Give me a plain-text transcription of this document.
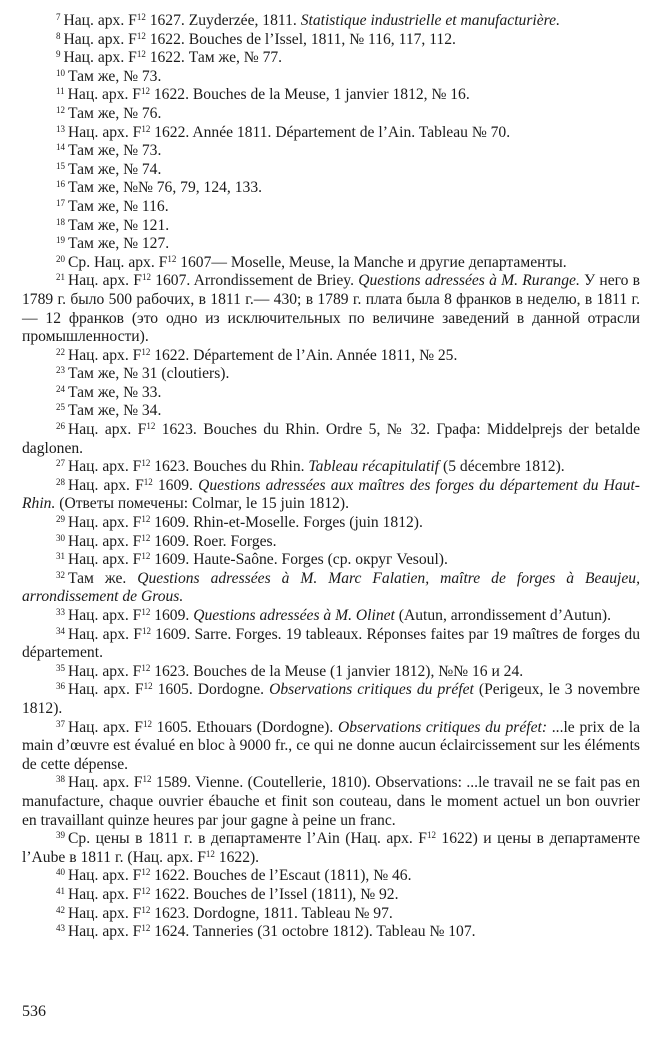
$^7$ Нац. арх. $F^{12}$ 1627. Zuyderzée, 1811. Statistique industrielle et manufacturière.

$^8$ Нац. арх. $F^{12}$ 1622. Bouches de l’Issel, 1811, № 116, 117, 112.

$^9$ Нац. арх. $F^{12}$ 1622. Там же, № 77.

$^{10}$ Там же, № 73.

$^{11}$ Нац. арх. $F^{12}$ 1622. Bouches de la Meuse, 1 janvier 1812, № 16.

$^{12}$ Там же, № 76.

$^{13}$ Нац. арх. $F^{12}$ 1622. Année 1811. Département de l’Ain. Tableau № 70.

$^{14}$ Там же, № 73.

$^{15}$ Там же, № 74.

$^{16}$ Там же, №№ 76, 79, 124, 133.

$^{17}$ Там же, № 116.

$^{18}$ Там же, № 121.

$^{19}$ Там же, № 127.

$^{20}$ Ср. Нац. арх. $F^{12}$ 1607— Moselle, Meuse, la Manche и другие департаменты.

$^{21}$ Нац. арх. $F^{12}$ 1607. Arrondissement de Briey. Questions adressées à M. Rurange. У него в 1789 г. было 500 рабочих, в 1811 г.— 430; в 1789 г. плата была 8 франков в неделю, в 1811 г.— 12 франков (это одно из исключительных по величине заведений в данной отрасли промышленности).

$^{22}$ Нац. арх. $F^{12}$ 1622. Département de l’Ain. Année 1811, № 25.

$^{23}$ Там же, № 31 (cloutiers).

$^{24}$ Там же, № 33.

$^{25}$ Там же, № 34.

$^{26}$ Нац. арх. $F^{12}$ 1623. Bouches du Rhin. Ordre 5, № 32. Графа: Middelprejs der betalde daglonen.

$^{27}$ Нац. арх. $F^{12}$ 1623. Bouches du Rhin. Tableau récapitulatif (5 décembre 1812).

$^{28}$ Нац. арх. $F^{12}$ 1609. Questions adressées aux maîtres des forges du département du Haut-Rhin. (Ответы помечены: Colmar, le 15 juin 1812).

$^{29}$ Нац. арх. $F^{12}$ 1609. Rhin-et-Moselle. Forges (juin 1812).

$^{30}$ Нац. арх. $F^{12}$ 1609. Roer. Forges.

$^{31}$ Нац. арх. $F^{12}$ 1609. Haute-Saône. Forges (ср. округ Vesoul).

$^{32}$ Там же. Questions adressées à M. Marc Falatien, maître de forges à Beaujeu, arrondissement de Grous.

$^{33}$ Нац. арх. $F^{12}$ 1609. Questions adressées à M. Olinet (Autun, arrondissement d’Autun).

$^{34}$ Нац. арх. $F^{12}$ 1609. Sarre. Forges. 19 tableaux. Réponses faites par 19 maîtres de forges du département.

$^{35}$ Нац. арх. $F^{12}$ 1623. Bouches de la Meuse (1 janvier 1812), №№ 16 и 24.

$^{36}$ Нац. арх. $F^{12}$ 1605. Dordogne. Observations critiques du préfet (Perigeux, le 3 novembre 1812).

$^{37}$ Нац. арх. $F^{12}$ 1605. Ethouars (Dordogne). Observations critiques du préfet: ...le prix de la main d’œuvre est évalué en bloc à 9000 fr., ce qui ne donne aucun éclaircissement sur les éléments de cette dépense.

$^{38}$ Нац. арх. $F^{12}$ 1589. Vienne. (Coutellerie, 1810). Observations: ...le travail ne se fait pas en manufacture, chaque ouvrier ébauche et finit son couteau, dans le moment actuel un bon ouvrier en travaillant quinze heures par jour gagne à peine un franc.

$^{39}$ Ср. цены в 1811 г. в департаменте l’Ain (Нац. арх. $F^{12}$ 1622) и цены в департаменте l’Aube в 1811 г. (Нац. арх. $F^{12}$ 1622).

$^{40}$ Нац. арх. $F^{12}$ 1622. Bouches de l’Escaut (1811), № 46.

$^{41}$ Нац. арх. $F^{12}$ 1622. Bouches de l’Issel (1811), № 92.

$^{42}$ Нац. арх. $F^{12}$ 1623. Dordogne, 1811. Tableau № 97.

$^{43}$ Нац. арх. $F^{12}$ 1624. Tanneries (31 octobre 1812). Tableau № 107.

536
